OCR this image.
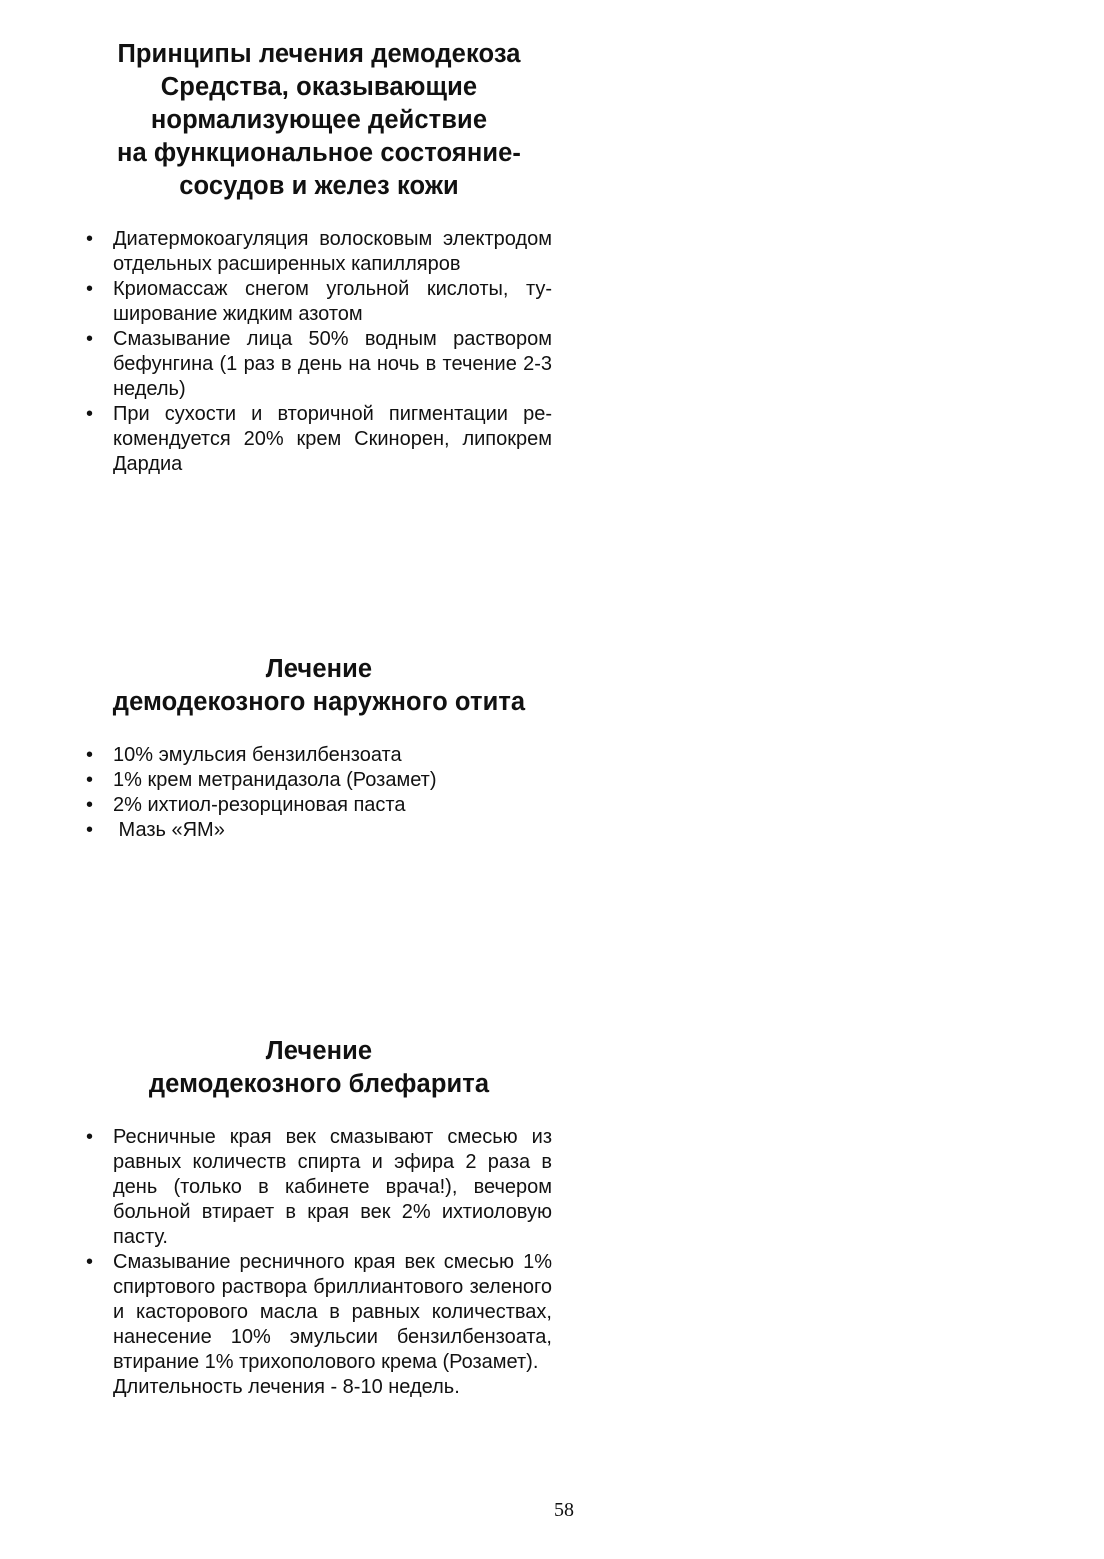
Принципы лечения демодекоза
Средства, оказывающие
нормализующее действие
на функциональное состояние-
сосудов и желез кожи
• Диатермокоагуляция волосковым электродом отдельных расширенных капилляров
• Криомассаж снегом угольной кислоты, туширование жидким азотом
• Смазывание лица 50% водным раствором бефунгина (1 раз в день на ночь в течение 2-3 недель)
• При сухости и вторичной пигментации рекомендуется 20% крем Скинорен, липокрем Дардиа
Лечение
демодекозного наружного отита
• 10% эмульсия бензилбензоата
• 1% крем метранидазола (Розамет)
• 2% ихтиол-резорциновая паста
•  Мазь «ЯМ»
Лечение
демодекозного блефарита
• Ресничные края век смазывают смесью из равных количеств спирта и эфира 2 раза в день (только в кабинете врача!), вечером больной втирает в края век 2% ихтиоловую пасту.
• Смазывание ресничного края век смесью 1% спиртового раствора бриллиантового зеленого и касторового масла в равных количествах, нанесение 10% эмульсии бензилбензоата, втирание 1% трихополового крема (Розамет).
Длительность лечения - 8-10 недель.
58
